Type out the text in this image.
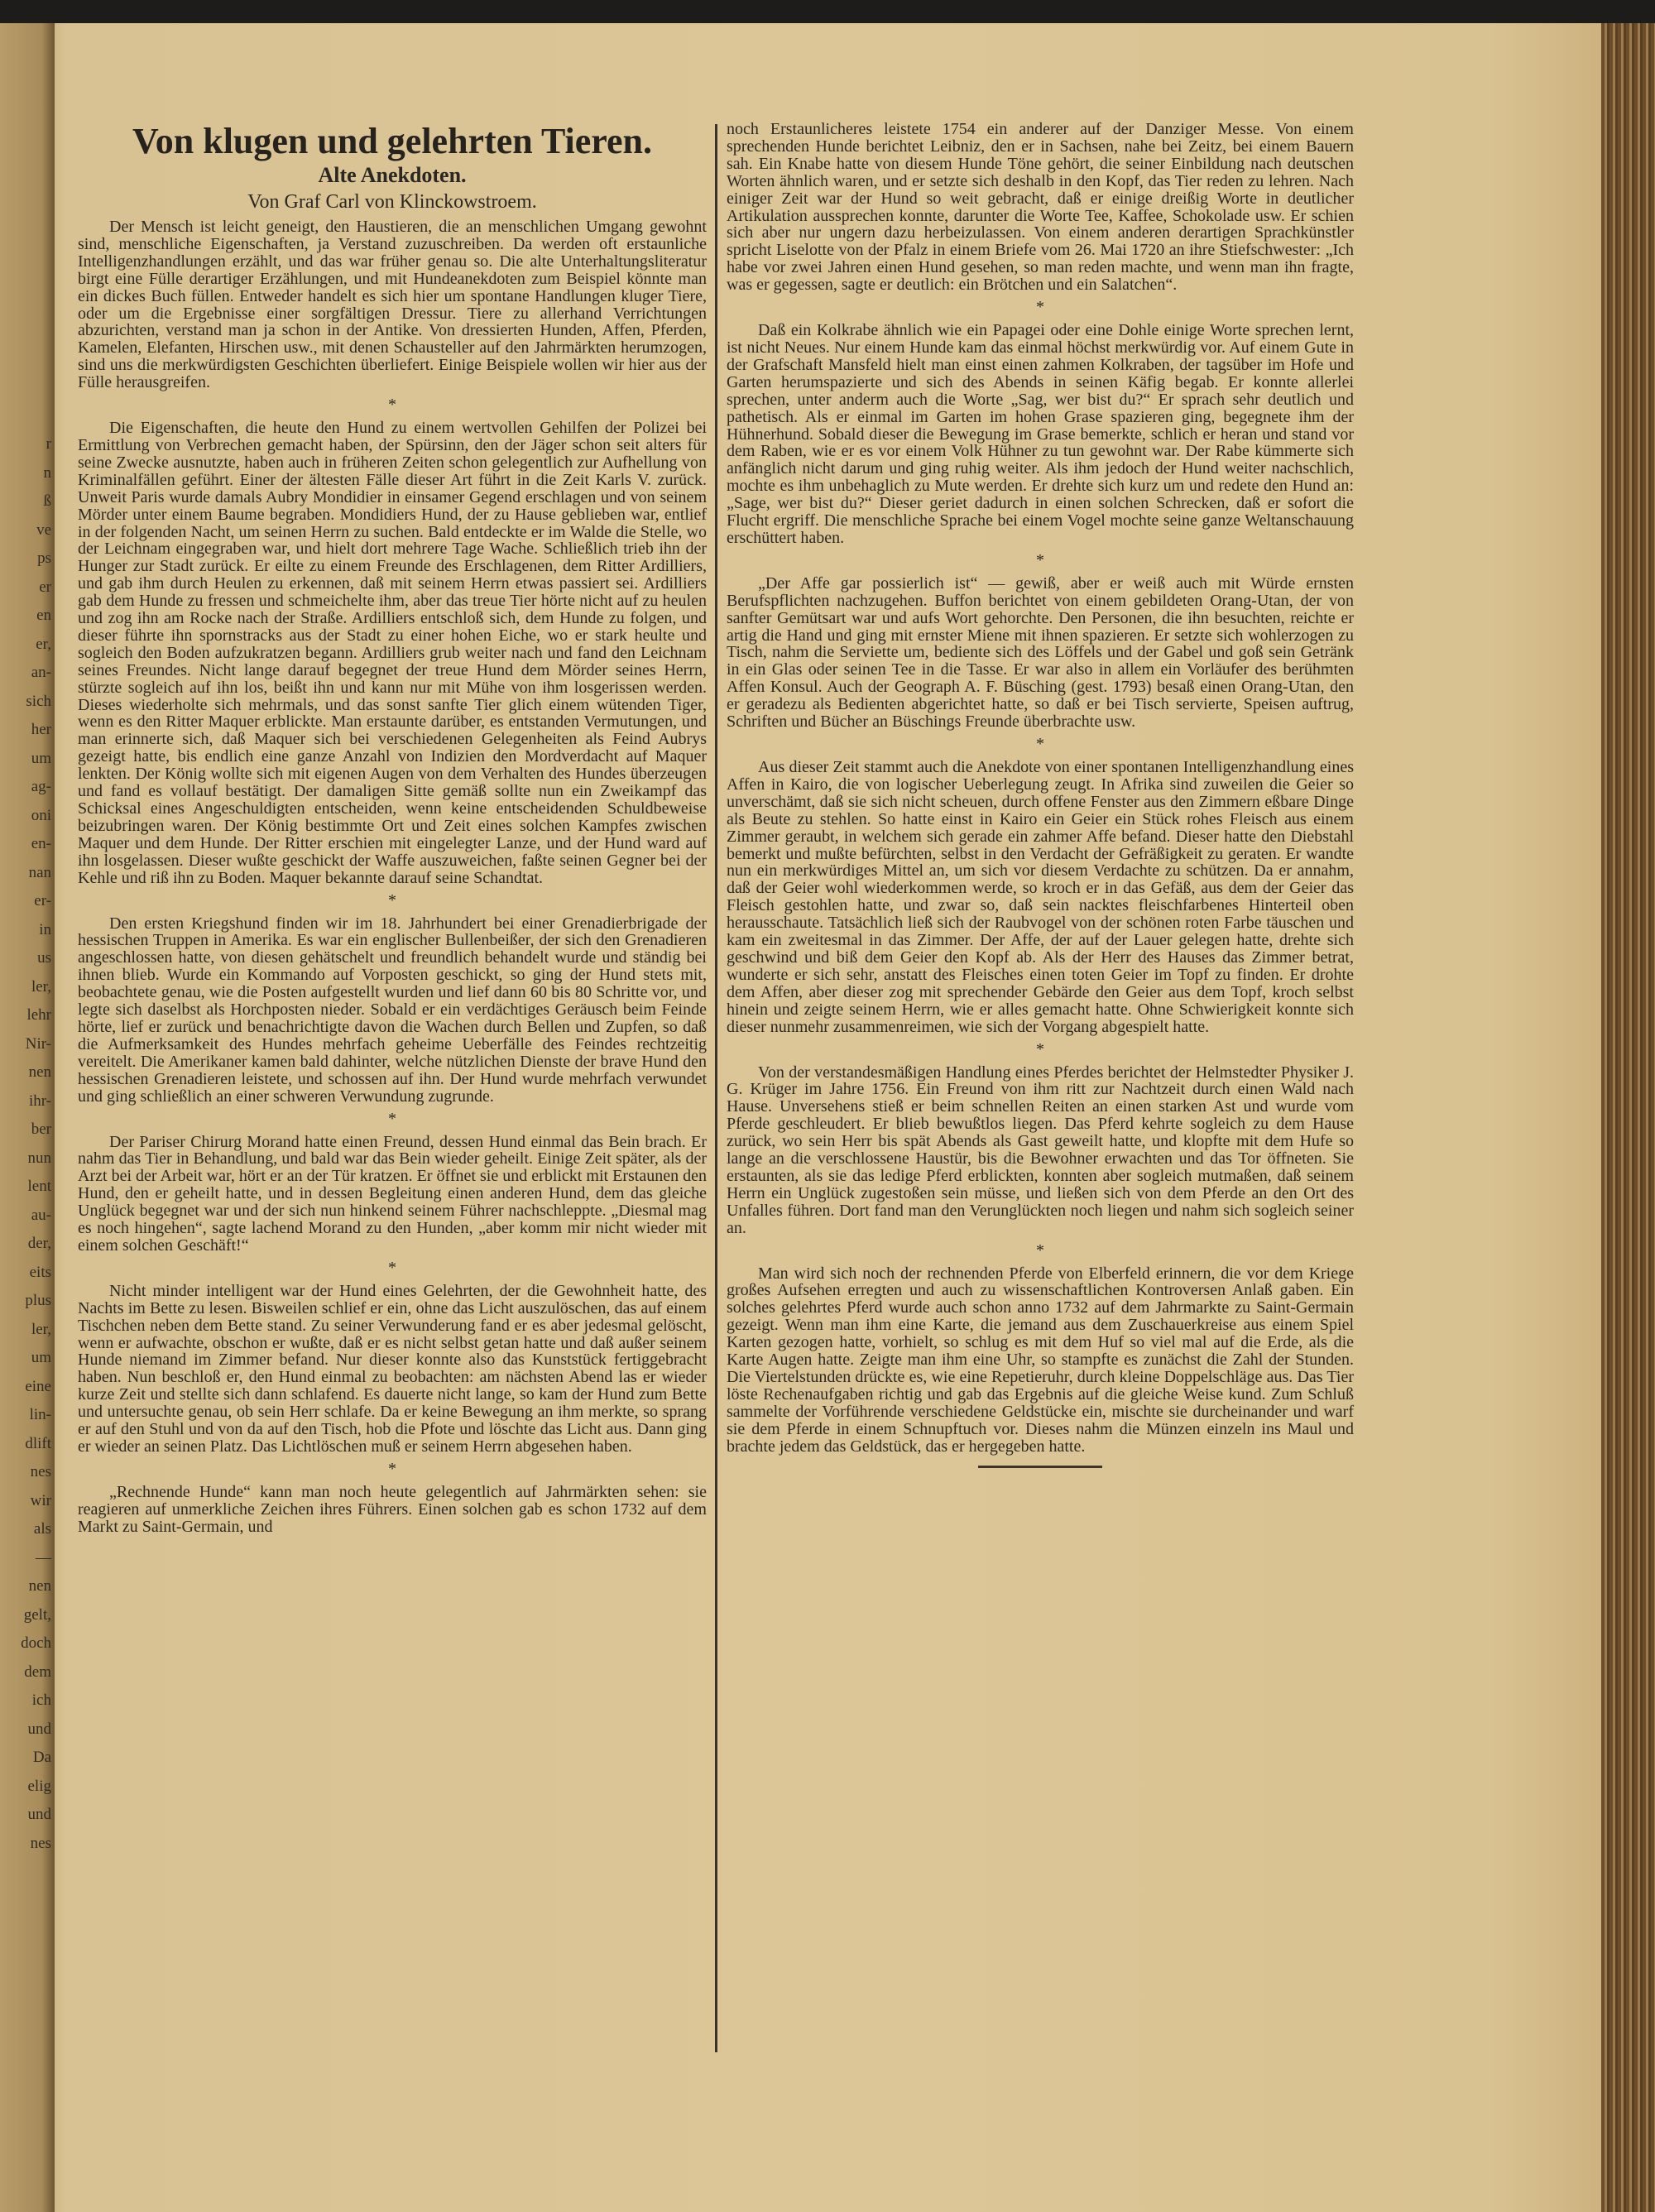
r
n
ß
ve
ps
er
en
er,
an-
sich
her
um
ag-
oni
en-
nan
er-
in
us
ler,
lehr
Nir-
nen
ihr-
ber
nun
lent
au-
der,
eits
plus
ler,
um
eine
lin-
dlift
nes
wir
als
—
nen
gelt,
doch
dem
ich
und
Da
elig
und
nes
Von klugen und gelehrten Tieren.
Alte Anekdoten.
Von Graf Carl von Klinckowstroem.

Der Mensch ist leicht geneigt, den Haustieren, die an menschlichen Umgang gewohnt sind, menschliche Eigenschaften, ja Verstand zuzuschreiben. Da werden oft erstaunliche Intelligenzhandlungen erzählt, und das war früher genau so. Die alte Unterhaltungsliteratur birgt eine Fülle derartiger Erzählungen, und mit Hundeanekdoten zum Beispiel könnte man ein dickes Buch füllen. Entweder handelt es sich hier um spontane Handlungen kluger Tiere, oder um die Ergebnisse einer sorgfältigen Dressur. Tiere zu allerhand Verrichtungen abzurichten, verstand man ja schon in der Antike. Von dressierten Hunden, Affen, Pferden, Kamelen, Elefanten, Hirschen usw., mit denen Schausteller auf den Jahrmärkten herumzogen, sind uns die merkwürdigsten Geschichten überliefert. Einige Beispiele wollen wir hier aus der Fülle herausgreifen.

*

Die Eigenschaften, die heute den Hund zu einem wertvollen Gehilfen der Polizei bei Ermittlung von Verbrechen gemacht haben, der Spürsinn, den der Jäger schon seit alters für seine Zwecke ausnutzte, haben auch in früheren Zeiten schon gelegentlich zur Aufhellung von Kriminalfällen geführt. Einer der ältesten Fälle dieser Art führt in die Zeit Karls V. zurück. Unweit Paris wurde damals Aubry Mondidier in einsamer Gegend erschlagen und von seinem Mörder unter einem Baume begraben. Mondidiers Hund, der zu Hause geblieben war, entlief in der folgenden Nacht, um seinen Herrn zu suchen. Bald entdeckte er im Walde die Stelle, wo der Leichnam eingegraben war, und hielt dort mehrere Tage Wache. Schließlich trieb ihn der Hunger zur Stadt zurück. Er eilte zu einem Freunde des Erschlagenen, dem Ritter Ardilliers, und gab ihm durch Heulen zu erkennen, daß mit seinem Herrn etwas passiert sei. Ardilliers gab dem Hunde zu fressen und schmeichelte ihm, aber das treue Tier hörte nicht auf zu heulen und zog ihn am Rocke nach der Straße. Ardilliers entschloß sich, dem Hunde zu folgen, und dieser führte ihn spornstracks aus der Stadt zu einer hohen Eiche, wo er stark heulte und sogleich den Boden aufzukratzen begann. Ardilliers grub weiter nach und fand den Leichnam seines Freundes. Nicht lange darauf begegnet der treue Hund dem Mörder seines Herrn, stürzte sogleich auf ihn los, beißt ihn und kann nur mit Mühe von ihm losgerissen werden. Dieses wiederholte sich mehrmals, und das sonst sanfte Tier glich einem wütenden Tiger, wenn es den Ritter Maquer erblickte. Man erstaunte darüber, es entstanden Vermutungen, und man erinnerte sich, daß Maquer sich bei verschiedenen Gelegenheiten als Feind Aubrys gezeigt hatte, bis endlich eine ganze Anzahl von Indizien den Mordverdacht auf Maquer lenkten. Der König wollte sich mit eigenen Augen von dem Verhalten des Hundes überzeugen und fand es vollauf bestätigt. Der damaligen Sitte gemäß sollte nun ein Zweikampf das Schicksal eines Angeschuldigten entscheiden, wenn keine entscheidenden Schuldbeweise beizubringen waren. Der König bestimmte Ort und Zeit eines solchen Kampfes zwischen Maquer und dem Hunde. Der Ritter erschien mit eingelegter Lanze, und der Hund ward auf ihn losgelassen. Dieser wußte geschickt der Waffe auszuweichen, faßte seinen Gegner bei der Kehle und riß ihn zu Boden. Maquer bekannte darauf seine Schandtat.

*

Den ersten Kriegshund finden wir im 18. Jahrhundert bei einer Grenadierbrigade der hessischen Truppen in Amerika. Es war ein englischer Bullenbeißer, der sich den Grenadieren angeschlossen hatte, von diesen gehätschelt und freundlich behandelt wurde und ständig bei ihnen blieb. Wurde ein Kommando auf Vorposten geschickt, so ging der Hund stets mit, beobachtete genau, wie die Posten aufgestellt wurden und lief dann 60 bis 80 Schritte vor, und legte sich daselbst als Horchposten nieder. Sobald er ein verdächtiges Geräusch beim Feinde hörte, lief er zurück und benachrichtigte davon die Wachen durch Bellen und Zupfen, so daß die Aufmerksamkeit des Hundes mehrfach geheime Ueberfälle des Feindes rechtzeitig vereitelt. Die Amerikaner kamen bald dahinter, welche nützlichen Dienste der brave Hund den hessischen Grenadieren leistete, und schossen auf ihn. Der Hund wurde mehrfach verwundet und ging schließlich an einer schweren Verwundung zugrunde.

*

Der Pariser Chirurg Morand hatte einen Freund, dessen Hund einmal das Bein brach. Er nahm das Tier in Behandlung, und bald war das Bein wieder geheilt. Einige Zeit später, als der Arzt bei der Arbeit war, hört er an der Tür kratzen. Er öffnet sie und erblickt mit Erstaunen den Hund, den er geheilt hatte, und in dessen Begleitung einen anderen Hund, dem das gleiche Unglück begegnet war und der sich nun hinkend seinem Führer nachschleppte. „Diesmal mag es noch hingehen“, sagte lachend Morand zu den Hunden, „aber komm mir nicht wieder mit einem solchen Geschäft!“

*

Nicht minder intelligent war der Hund eines Gelehrten, der die Gewohnheit hatte, des Nachts im Bette zu lesen. Bisweilen schlief er ein, ohne das Licht auszulöschen, das auf einem Tischchen neben dem Bette stand. Zu seiner Verwunderung fand er es aber jedesmal gelöscht, wenn er aufwachte, obschon er wußte, daß er es nicht selbst getan hatte und daß außer seinem Hunde niemand im Zimmer befand. Nur dieser konnte also das Kunststück fertiggebracht haben. Nun beschloß er, den Hund einmal zu beobachten: am nächsten Abend las er wieder kurze Zeit und stellte sich dann schlafend. Es dauerte nicht lange, so kam der Hund zum Bette und untersuchte genau, ob sein Herr schlafe. Da er keine Bewegung an ihm merkte, so sprang er auf den Stuhl und von da auf den Tisch, hob die Pfote und löschte das Licht aus. Dann ging er wieder an seinen Platz. Das Lichtlöschen muß er seinem Herrn abgesehen haben.

*

„Rechnende Hunde“ kann man noch heute gelegentlich auf Jahrmärkten sehen: sie reagieren auf unmerkliche Zeichen ihres Führers. Einen solchen gab es schon 1732 auf dem Markt zu Saint-Germain, und

noch Erstaunlicheres leistete 1754 ein anderer auf der Danziger Messe. Von einem sprechenden Hunde berichtet Leibniz, den er in Sachsen, nahe bei Zeitz, bei einem Bauern sah. Ein Knabe hatte von diesem Hunde Töne gehört, die seiner Einbildung nach deutschen Worten ähnlich waren, und er setzte sich deshalb in den Kopf, das Tier reden zu lehren. Nach einiger Zeit war der Hund so weit gebracht, daß er einige dreißig Worte in deutlicher Artikulation aussprechen konnte, darunter die Worte Tee, Kaffee, Schokolade usw. Er schien sich aber nur ungern dazu herbeizulassen. Von einem anderen derartigen Sprachkünstler spricht Liselotte von der Pfalz in einem Briefe vom 26. Mai 1720 an ihre Stiefschwester: „Ich habe vor zwei Jahren einen Hund gesehen, so man reden machte, und wenn man ihn fragte, was er gegessen, sagte er deutlich: ein Brötchen und ein Salatchen“.

*

Daß ein Kolkrabe ähnlich wie ein Papagei oder eine Dohle einige Worte sprechen lernt, ist nicht Neues. Nur einem Hunde kam das einmal höchst merkwürdig vor. Auf einem Gute in der Grafschaft Mansfeld hielt man einst einen zahmen Kolkraben, der tagsüber im Hofe und Garten herumspazierte und sich des Abends in seinen Käfig begab. Er konnte allerlei sprechen, unter anderm auch die Worte „Sag, wer bist du?“ Er sprach sehr deutlich und pathetisch. Als er einmal im Garten im hohen Grase spazieren ging, begegnete ihm der Hühnerhund. Sobald dieser die Bewegung im Grase bemerkte, schlich er heran und stand vor dem Raben, wie er es vor einem Volk Hühner zu tun gewohnt war. Der Rabe kümmerte sich anfänglich nicht darum und ging ruhig weiter. Als ihm jedoch der Hund weiter nachschlich, mochte es ihm unbehaglich zu Mute werden. Er drehte sich kurz um und redete den Hund an: „Sage, wer bist du?“ Dieser geriet dadurch in einen solchen Schrecken, daß er sofort die Flucht ergriff. Die menschliche Sprache bei einem Vogel mochte seine ganze Weltanschauung erschüttert haben.

*

„Der Affe gar possierlich ist“ — gewiß, aber er weiß auch mit Würde ernsten Berufspflichten nachzugehen. Buffon berichtet von einem gebildeten Orang-Utan, der von sanfter Gemütsart war und aufs Wort gehorchte. Den Personen, die ihn besuchten, reichte er artig die Hand und ging mit ernster Miene mit ihnen spazieren. Er setzte sich wohlerzogen zu Tisch, nahm die Serviette um, bediente sich des Löffels und der Gabel und goß sein Getränk in ein Glas oder seinen Tee in die Tasse. Er war also in allem ein Vorläufer des berühmten Affen Konsul. Auch der Geograph A. F. Büsching (gest. 1793) besaß einen Orang-Utan, den er geradezu als Bedienten abgerichtet hatte, so daß er bei Tisch servierte, Speisen auftrug, Schriften und Bücher an Büschings Freunde überbrachte usw.

*

Aus dieser Zeit stammt auch die Anekdote von einer spontanen Intelligenzhandlung eines Affen in Kairo, die von logischer Ueberlegung zeugt. In Afrika sind zuweilen die Geier so unverschämt, daß sie sich nicht scheuen, durch offene Fenster aus den Zimmern eßbare Dinge als Beute zu stehlen. So hatte einst in Kairo ein Geier ein Stück rohes Fleisch aus einem Zimmer geraubt, in welchem sich gerade ein zahmer Affe befand. Dieser hatte den Diebstahl bemerkt und mußte befürchten, selbst in den Verdacht der Gefräßigkeit zu geraten. Er wandte nun ein merkwürdiges Mittel an, um sich vor diesem Verdachte zu schützen. Da er annahm, daß der Geier wohl wiederkommen werde, so kroch er in das Gefäß, aus dem der Geier das Fleisch gestohlen hatte, und zwar so, daß sein nacktes fleischfarbenes Hinterteil oben herausschaute. Tatsächlich ließ sich der Raubvogel von der schönen roten Farbe täuschen und kam ein zweitesmal in das Zimmer. Der Affe, der auf der Lauer gelegen hatte, drehte sich geschwind und biß dem Geier den Kopf ab. Als der Herr des Hauses das Zimmer betrat, wunderte er sich sehr, anstatt des Fleisches einen toten Geier im Topf zu finden. Er drohte dem Affen, aber dieser zog mit sprechender Gebärde den Geier aus dem Topf, kroch selbst hinein und zeigte seinem Herrn, wie er alles gemacht hatte. Ohne Schwierigkeit konnte sich dieser nunmehr zusammenreimen, wie sich der Vorgang abgespielt hatte.

*

Von der verstandesmäßigen Handlung eines Pferdes berichtet der Helmstedter Physiker J. G. Krüger im Jahre 1756. Ein Freund von ihm ritt zur Nachtzeit durch einen Wald nach Hause. Unversehens stieß er beim schnellen Reiten an einen starken Ast und wurde vom Pferde geschleudert. Er blieb bewußtlos liegen. Das Pferd kehrte sogleich zu dem Hause zurück, wo sein Herr bis spät Abends als Gast geweilt hatte, und klopfte mit dem Hufe so lange an die verschlossene Haustür, bis die Bewohner erwachten und das Tor öffneten. Sie erstaunten, als sie das ledige Pferd erblickten, konnten aber sogleich mutmaßen, daß seinem Herrn ein Unglück zugestoßen sein müsse, und ließen sich von dem Pferde an den Ort des Unfalles führen. Dort fand man den Verunglückten noch liegen und nahm sich sogleich seiner an.

*

Man wird sich noch der rechnenden Pferde von Elberfeld erinnern, die vor dem Kriege großes Aufsehen erregten und auch zu wissenschaftlichen Kontroversen Anlaß gaben. Ein solches gelehrtes Pferd wurde auch schon anno 1732 auf dem Jahrmarkte zu Saint-Germain gezeigt. Wenn man ihm eine Karte, die jemand aus dem Zuschauerkreise aus einem Spiel Karten gezogen hatte, vorhielt, so schlug es mit dem Huf so viel mal auf die Erde, als die Karte Augen hatte. Zeigte man ihm eine Uhr, so stampfte es zunächst die Zahl der Stunden. Die Viertelstunden drückte es, wie eine Repetieruhr, durch kleine Doppelschläge aus. Das Tier löste Rechenaufgaben richtig und gab das Ergebnis auf die gleiche Weise kund. Zum Schluß sammelte der Vorführende verschiedene Geldstücke ein, mischte sie durcheinander und warf sie dem Pferde in einem Schnupftuch vor. Dieses nahm die Münzen einzeln ins Maul und brachte jedem das Geldstück, das er hergegeben hatte.
